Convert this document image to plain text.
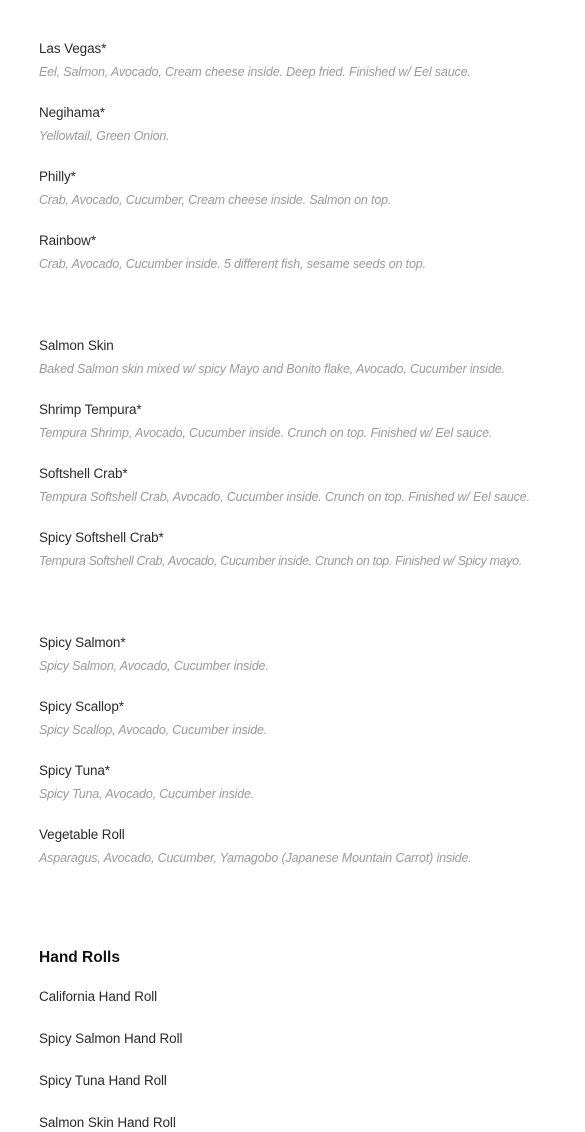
Las Vegas*
Eel, Salmon, Avocado, Cream cheese inside. Deep fried. Finished w/ Eel sauce.
Negihama*
Yellowtail, Green Onion.
Philly*
Crab, Avocado, Cucumber, Cream cheese inside. Salmon on top.
Rainbow*
Crab, Avocado, Cucumber inside. 5 different fish, sesame seeds on top.
Salmon Skin
Baked Salmon skin mixed w/ spicy Mayo and Bonito flake, Avocado, Cucumber inside.
Shrimp Tempura*
Tempura Shrimp, Avocado, Cucumber inside. Crunch on top. Finished w/ Eel sauce.
Softshell Crab*
Tempura Softshell Crab, Avocado, Cucumber inside. Crunch on top. Finished w/ Eel sauce.
Spicy Softshell Crab*
Tempura Softshell Crab, Avocado, Cucumber inside. Crunch on top. Finished w/ Spicy mayo.
Spicy Salmon*
Spicy Salmon, Avocado, Cucumber inside.
Spicy Scallop*
Spicy Scallop, Avocado, Cucumber inside.
Spicy Tuna*
Spicy Tuna, Avocado, Cucumber inside.
Vegetable Roll
Asparagus, Avocado, Cucumber, Yamagobo (Japanese Mountain Carrot) inside.
Hand Rolls
California Hand Roll
Spicy Salmon Hand Roll
Spicy Tuna Hand Roll
Salmon Skin Hand Roll
